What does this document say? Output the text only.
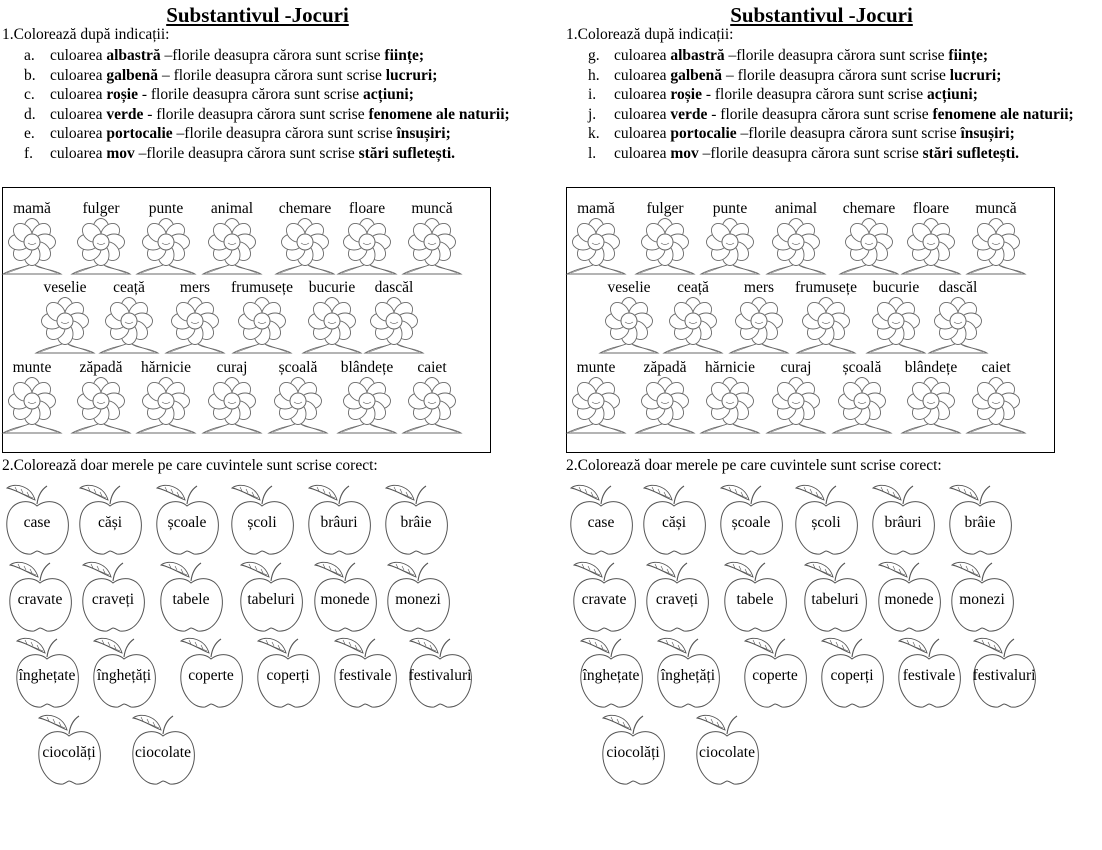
Substantivul -Jocuri
1.Colorează după indicații:
a. culoarea albastră –florile deasupra cărora sunt scrise ființe;
b. culoarea galbenă – florile deasupra cărora sunt scrise lucruri;
c. culoarea roșie - florile deasupra cărora sunt scrise acțiuni;
d. culoarea verde - florile deasupra cărora sunt scrise fenomene ale naturii;
e. culoarea portocalie –florile deasupra cărora sunt scrise însușiri;
f. culoarea mov –florile deasupra cărora sunt scrise stări sufletești.
2.Colorează doar merele pe care cuvintele sunt scrise corect:
mamă fulger punte animal chemare floare muncă
veselie ceață mers frumusețe bucurie dascăl
munte zăpadă hărnicie curaj școală blândețe caiet
case	căși	școale	școli	brâuri	brâie
cravate craveți tabele tabeluri monede monezi
înghețate înghețăți coperte coperți festivale festivaluri
ciocolăți	ciocolate
Substantivul -Jocuri
1.Colorează după indicații:
g. culoarea albastră –florile deasupra cărora sunt scrise ființe;
h. culoarea galbenă – florile deasupra cărora sunt scrise lucruri;
i. culoarea roșie - florile deasupra cărora sunt scrise acțiuni;
j. culoarea verde - florile deasupra cărora sunt scrise fenomene ale naturii;
k. culoarea portocalie –florile deasupra cărora sunt scrise însușiri;
l. culoarea mov –florile deasupra cărora sunt scrise stări sufletești.
2.Colorează doar merele pe care cuvintele sunt scrise corect:
mamă fulger punte animal chemare floare muncă
veselie ceață mers frumusețe bucurie dascăl
munte zăpadă hărnicie curaj școală blândețe caiet
case	căși	școale	școli	brâuri	brâie
cravate craveți tabele tabeluri monede monezi
înghețate înghețăți coperte coperți festivale festivaluri
ciocolăți	ciocolate
